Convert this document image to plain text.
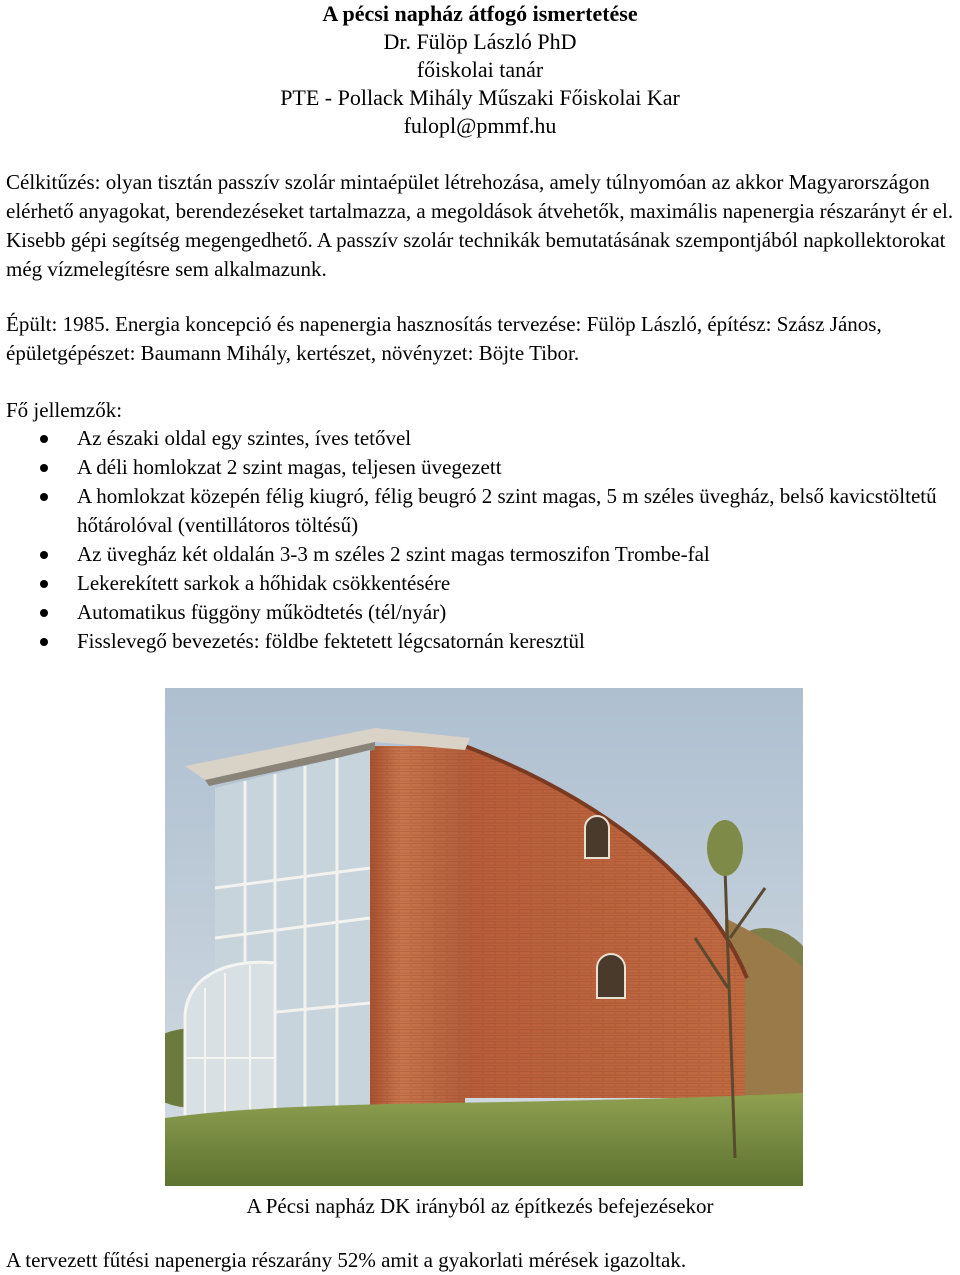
A pécsi napház átfogó ismertetése
Dr. Fülöp László PhD
főiskolai tanár
PTE - Pollack Mihály Műszaki Főiskolai Kar
fulopl@pmmf.hu

Célkitűzés: olyan tisztán passzív szolár mintaépület létrehozása, amely túlnyomóan az akkor Magyarországon elérhető anyagokat, berendezéseket tartalmazza, a megoldások átvehetők, maximális napenergia részarányt ér el. Kisebb gépi segítség megengedhető. A passzív szolár technikák bemutatásának szempontjából napkollektorokat még vízmelegítésre sem alkalmazunk.

Épült: 1985. Energia koncepció és napenergia hasznosítás tervezése: Fülöp László, építész: Szász János, épületgépészet: Baumann Mihály, kertészet, növényzet: Böjte Tibor.

Fő jellemzők:

Az északi oldal egy szintes, íves tetővel
A déli homlokzat 2 szint magas, teljesen üvegezett
A homlokzat közepén félig kiugró, félig beugró 2 szint magas, 5 m széles üvegház, belső kavicstöltetű hőtárolóval (ventillátoros töltésű)
Az üvegház két oldalán 3-3 m széles 2 szint magas termoszifon Trombe-fal
Lekerekített sarkok a hőhidak csökkentésére
Automatikus függöny működtetés (tél/nyár)
Fisslevegő bevezetés: földbe fektetett légcsatornán keresztül
A Pécsi napház DK irányból az építkezés befejezésekor

A tervezett fűtési napenergia részarány 52% amit a gyakorlati mérések igazoltak.
